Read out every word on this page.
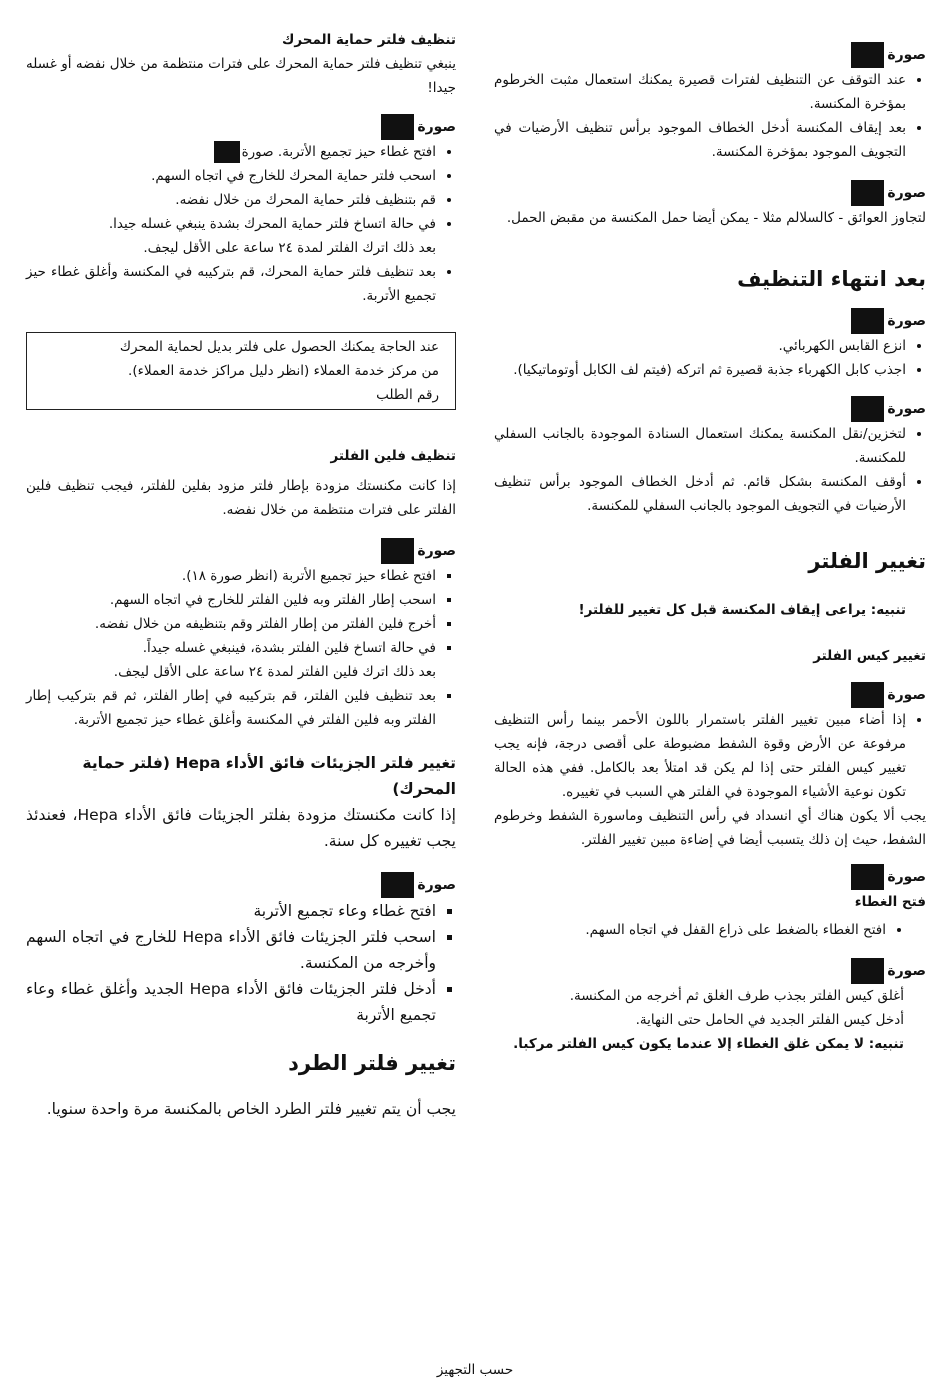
صورة
• عند التوقف عن التنظيف لفترات قصيرة يمكنك استعمال مثبت الخرطوم بمؤخرة المكنسة.
• بعد إيقاف المكنسة أدخل الخطاف الموجود برأس تنظيف الأرضيات في التجويف الموجود بمؤخرة المكنسة.
صورة

لتجاوز العوائق - كالسلالم مثلا - يمكن أيضا حمل المكنسة من مقبض الحمل.

بعد انتهاء التنظيف
صورة
• انزع القابس الكهربائي.
• اجذب كابل الكهرباء جذبة قصيرة ثم اتركه (فيتم لف الكابل أوتوماتيكيا).
صورة
• لتخزين/نقل المكنسة يمكنك استعمال السنادة الموجودة بالجانب السفلي للمكنسة.
• أوقف المكنسة بشكل قائم. ثم أدخل الخطاف الموجود برأس تنظيف الأرضيات في التجويف الموجود بالجانب السفلي للمكنسة.
تغيير الفلتر

تنبيه: يراعى إيقاف المكنسة قبل كل تغيير للفلتر!

تغيير كيس الفلتر
صورة
• إذا أضاء مبين تغيير الفلتر باستمرار باللون الأحمر بينما رأس التنظيف مرفوعة عن الأرض وقوة الشفط مضبوطة على أقصى درجة، فإنه يجب تغيير كيس الفلتر حتى إذا لم يكن قد امتلأ بعد بالكامل. ففي هذه الحالة تكون نوعية الأشياء الموجودة في الفلتر هي السبب في تغييره.

يجب ألا يكون هناك أي انسداد في رأس التنظيف وماسورة الشفط وخرطوم الشفط، حيث إن ذلك يتسبب أيضا في إضاءة مبين تغيير الفلتر.

صورة
فتح الغطاء
• افتح الغطاء بالضغط على ذراع القفل في اتجاه السهم.
صورة

أغلق كيس الفلتر بجذب طرف الغلق ثم أخرجه من المكنسة.

أدخل كيس الفلتر الجديد في الحامل حتى النهاية.

تنبيه: لا يمكن غلق الغطاء إلا عندما يكون كيس الفلتر مركبا.

تنظيف فلتر حماية المحرك

ينبغي تنظيف فلتر حماية المحرك على فترات منتظمة من خلال نفضه أو غسله جيدا!

صورة
• افتح غطاء حيز تجميع الأتربة. صورة
• اسحب فلتر حماية المحرك للخارج في اتجاه السهم.
• قم بتنظيف فلتر حماية المحرك من خلال نفضه.
• في حالة اتساخ فلتر حماية المحرك بشدة ينبغي غسله جيدا.
بعد ذلك اترك الفلتر لمدة ٢٤ ساعة على الأقل ليجف.
• بعد تنظيف فلتر حماية المحرك، قم بتركيبه في المكنسة وأغلق غطاء حيز تجميع الأتربة.

عند الحاجة يمكنك الحصول على فلتر بديل لحماية المحرك

من مركز خدمة العملاء (انظر دليل مراكز خدمة العملاء).

رقم الطلب

تنظيف فلين الفلتر

إذا كانت مكنستك مزودة بإطار فلتر مزود بفلين للفلتر، فيجب تنظيف فلين الفلتر على فترات منتظمة من خلال نفضه.

صورة
▪ افتح غطاء حيز تجميع الأتربة (انظر صورة ١٨).
▪ اسحب إطار الفلتر وبه فلين الفلتر للخارج في اتجاه السهم.
▪ أخرج فلين الفلتر من إطار الفلتر وقم بتنظيفه من خلال نفضه.
▪ في حالة اتساخ فلين الفلتر بشدة، فينبغي غسله جيداً.
بعد ذلك اترك فلين الفلتر لمدة ٢٤ ساعة على الأقل ليجف.
▪ بعد تنظيف فلين الفلتر، قم بتركيبه في إطار الفلتر، ثم قم بتركيب إطار الفلتر وبه فلين الفلتر في المكنسة وأغلق غطاء حيز تجميع الأتربة.
تغيير فلتر الجزيئات فائق الأداء Hepa (فلتر حماية المحرك)

إذا كانت مكنستك مزودة بفلتر الجزيئات فائق الأداء Hepa، فعندئذ يجب تغييره كل سنة.

صورة
▪ افتح غطاء وعاء تجميع الأتربة
▪ اسحب فلتر الجزيئات فائق الأداء Hepa للخارج في اتجاه السهم وأخرجه من المكنسة.
▪ أدخل فلتر الجزيئات فائق الأداء Hepa الجديد وأغلق غطاء وعاء تجميع الأتربة
تغيير فلتر الطرد

يجب أن يتم تغيير فلتر الطرد الخاص بالمكنسة مرة واحدة سنويا.

حسب التجهيز
